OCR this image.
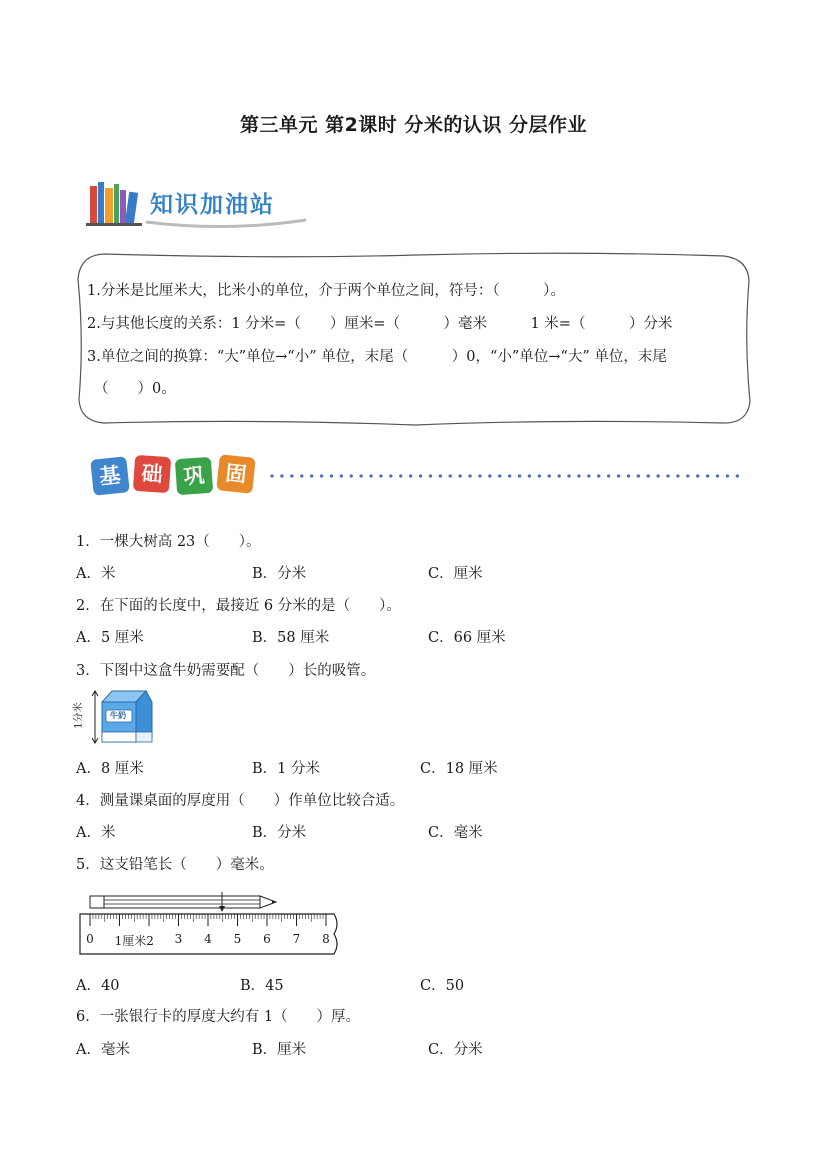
第三单元 第2课时 分米的认识 分层作业
知识加油站
1.分米是比厘米大，比米小的单位，介于两个单位之间，符号：（　　　）。
2.与其他长度的关系：1 分米=（　　）厘米=（　　　）毫米　　　1 米=（　　　）分米
3.单位之间的换算：“大”单位→“小” 单位，末尾（　　　）0，“小”单位→“大” 单位，末尾
（　　）0。
基 础 巩 固
1．一棵大树高 23（　　）。
A．米	B．分米	C．厘米
2．在下面的长度中，最接近 6 分米的是（　　）。
A．5 厘米	B．58 厘米	C．66 厘米
3．下图中这盒牛奶需要配（　　）长的吸管。
1分米	牛奶
A．8 厘米	B．1 分米	C．18 厘米
4．测量课桌面的厚度用（　　）作单位比较合适。
A．米	B．分米	C．毫米
5．这支铅笔长（　　）毫米。
0 1厘米2 3 4 5 6 7 8
A．40	B．45	C．50
6．一张银行卡的厚度大约有 1（　　）厚。
A．毫米	B．厘米	C．分米
